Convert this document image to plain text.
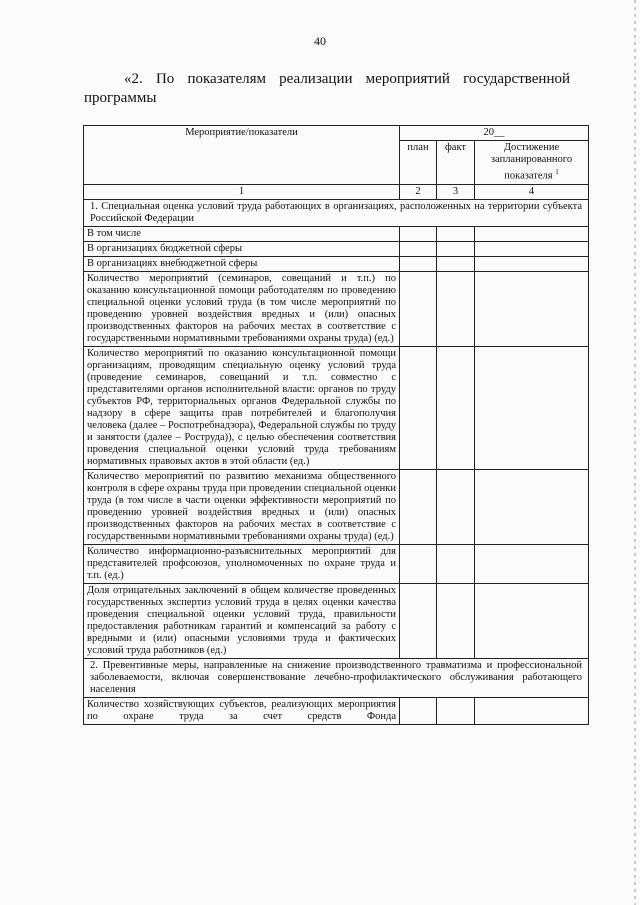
40
«2. По показателям реализации мероприятий государственной программы
Мероприятие/показатели	20__		
	план	факт	Достижение запланированного показателя $^1$
1	2	3	4
1. Специальная оценка условий труда работающих в организациях, расположенных на территории субъекта Российской Федерации			
В том числе			
В организациях бюджетной сферы			
В организациях внебюджетной сферы			
Количество мероприятий (семинаров, совещаний и т.п.) по оказанию консультационной помощи работодателям по проведению специальной оценки условий труда (в том числе мероприятий по проведению уровней воздействия вредных и (или) опасных производственных факторов на рабочих местах в соответствие с государственными нормативными требованиями охраны труда) (ед.)			
Количество мероприятий по оказанию консультационной помощи организациям, проводящим специальную оценку условий труда (проведение семинаров, совещаний и т.п. совместно с представителями органов исполнительной власти: органов по труду субъектов РФ, территориальных органов Федеральной службы по надзору в сфере защиты прав потребителей и благополучия человека (далее – Роспотребнадзора), Федеральной службы по труду и занятости (далее – Роструда)), с целью обеспечения соответствия проведения специальной оценки условий труда требованиям нормативных правовых актов в этой области (ед.)			
Количество мероприятий по развитию механизма общественного контроля в сфере охраны труда при проведении специальной оценки труда (в том числе в части оценки эффективности мероприятий по проведению уровней воздействия вредных и (или) опасных производственных факторов на рабочих местах в соответствие с государственными нормативными требованиями охраны труда) (ед.)			
Количество информационно-разъяснительных мероприятий для представителей профсоюзов, уполномоченных по охране труда и т.п. (ед.)			
Доля отрицательных заключений в общем количестве проведенных государственных экспертиз условий труда в целях оценки качества проведения специальной оценки условий труда, правильности предоставления работникам гарантий и компенсаций за работу с вредными и (или) опасными условиями труда и фактических условий труда работников (ед.)			
2. Превентивные меры, направленные на снижение производственного травматизма и профессиональной заболеваемости, включая совершенствование лечебно-профилактического обслуживания работающего населения			
Количество хозяйствующих субъектов, реализующих мероприятия по охране труда за счет средств Фонда			
